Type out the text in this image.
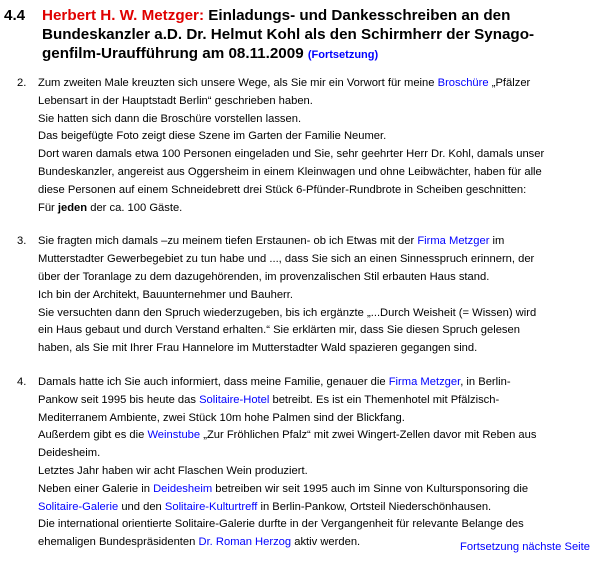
4.4	Herbert H. W. Metzger: Einladungs- und Dankesschreiben an den
Bundeskanzler a.D. Dr. Helmut Kohl als den Schirmherr der Synago-
genfilm-Uraufführung am 08.11.2009 (Fortsetzung)
2. Zum zweiten Male kreuzten sich unsere Wege, als Sie mir ein Vorwort für meine Broschüre „Pfälzer
Lebensart in der Hauptstadt Berlin“ geschrieben haben.
Sie hatten sich dann die Broschüre vorstellen lassen.
Das beigefügte Foto zeigt diese Szene im Garten der Familie Neumer.
Dort waren damals etwa 100 Personen eingeladen und Sie, sehr geehrter Herr Dr. Kohl, damals unser
Bundeskanzler, angereist aus Oggersheim in einem Kleinwagen und ohne Leibwächter, haben für alle
diese Personen auf einem Schneidebrett drei Stück 6-Pfünder-Rundbrote in Scheiben geschnitten:
Für jeden der ca. 100 Gäste.
3. Sie fragten mich damals –zu meinem tiefen Erstaunen- ob ich Etwas mit der Firma Metzger im
Mutterstadter Gewerbegebiet zu tun habe und ..., dass Sie sich an einen Sinnesspruch erinnern, der
über der Toranlage zu dem dazugehörenden, im provenzalischen Stil erbauten Haus stand.
Ich bin der Architekt, Bauunternehmer und Bauherr.
Sie versuchten dann den Spruch wiederzugeben, bis ich ergänzte „...Durch Weisheit (= Wissen) wird
ein Haus gebaut und durch Verstand erhalten.“ Sie erklärten mir, dass Sie diesen Spruch gelesen
haben, als Sie mit Ihrer Frau Hannelore im Mutterstadter Wald spazieren gegangen sind.
4. Damals hatte ich Sie auch informiert, dass meine Familie, genauer die Firma Metzger, in Berlin-
Pankow seit 1995 bis heute das Solitaire-Hotel betreibt. Es ist ein Themenhotel mit Pfälzisch-
Mediterranem Ambiente, zwei Stück 10m hohe Palmen sind der Blickfang.
Außerdem gibt es die Weinstube „Zur Fröhlichen Pfalz“ mit zwei Wingert-Zellen davor mit Reben aus
Deidesheim.
Letztes Jahr haben wir acht Flaschen Wein produziert.
Neben einer Galerie in Deidesheim betreiben wir seit 1995 auch im Sinne von Kultursponsoring die
Solitaire-Galerie und den Solitaire-Kulturtreff in Berlin-Pankow, Ortsteil Niederschönhausen.
Die international orientierte Solitaire-Galerie durfte in der Vergangenheit für relevante Belange des
ehemaligen Bundespräsidenten Dr. Roman Herzog aktiv werden.	Fortsetzung nächste Seite
